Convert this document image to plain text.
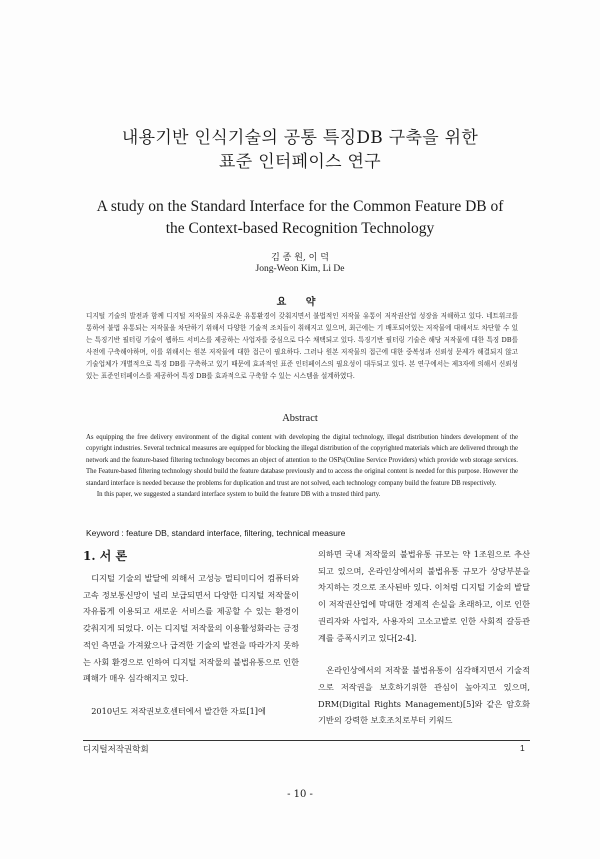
내용기반 인식기술의 공통 특징DB 구축을 위한
표준 인터페이스 연구
A study on the Standard Interface for the Common Feature DB of
the Context-based Recognition Technology
김 종 원, 이 덕
Jong-Weon Kim, Li De
요 약
디지털 기술의 발전과 함께 디지털 저작물의 자유로운 유통환경이 갖춰지면서 불법적인 저작물 유통이 저작권산업 성장을 저해하고 있다. 네트워크를 통하여 불법 유통되는 저작물을 차단하기 위해서 다양한 기술적 조치들이 취해지고 있으며, 최근에는 기 배포되어있는 저작물에 대해서도 차단할 수 있는 특징기반 필터링 기술이 웹하드 서비스를 제공하는 사업자를 중심으로 다수 채택되고 있다. 특징기반 필터링 기술은 해당 저작물에 대한 특징 DB를 사전에 구축해야하며, 이를 위해서는 원본 저작물에 대한 접근이 필요하다. 그러나 원본 저작물의 접근에 대한 중복성과 신뢰성 문제가 해결되지 않고 기술업체가 개별적으로 특징 DB를 구축하고 있기 때문에 효과적인 표준 인터페이스의 필요성이 대두되고 있다. 본 연구에서는 제3자에 의해서 신뢰성 있는 표준인터페이스를 제공하여 특징 DB를 효과적으로 구축할 수 있는 시스템을 설계하였다.
Abstract
As equipping the free delivery environment of the digital content with developing the digital technology, illegal distribution hinders development of the copyright industries. Several technical measures are equipped for blocking the illegal distribution of the copyrighted materials which are delivered through the network and the feature-based filtering technology becomes an object of attention to the OSPs(Online Service Providers) which provide web storage services. The Feature-based filtering technology should build the feature database previously and to access the original content is needed for this purpose. However the standard interface is needed because the problems for duplication and trust are not solved, each technology company build the feature DB respectively.
In this paper, we suggested a standard interface system to build the feature DB with a trusted third party.
Keyword : feature DB, standard interface, filtering, technical measure
1. 서 론

디지털 기술의 발달에 의해서 고성능 멀티미디어 컴퓨터와 고속 정보통신망이 널리 보급되면서 다양한 디지털 저작물이 자유롭게 이용되고 새로운 서비스를 제공할 수 있는 환경이 갖춰지게 되었다. 이는 디지털 저작물의 이용활성화라는 긍정적인 측면을 가져왔으나 급격한 기술의 발전을 따라가지 못하는 사회 환경으로 인하여 디지털 저작물의 불법유통으로 인한 폐해가 매우 심각해지고 있다.

2010년도 저작권보호센터에서 발간한 자료[1]에

의하면 국내 저작물의 불법유통 규모는 약 1조원으로 추산되고 있으며, 온라인상에서의 불법유통 규모가 상당부분을 차지하는 것으로 조사된바 있다. 이처럼 디지털 기술의 발달이 저작권산업에 막대한 경제적 손실을 초래하고, 이로 인한 권리자와 사업자, 사용자의 고소고발로 인한 사회적 갈등관계를 증폭시키고 있다[2-4].

온라인상에서의 저작물 불법유통이 심각해지면서 기술적으로 저작권을 보호하기위한 관심이 높아지고 있으며, DRM(Digital Rights Management)[5]와 같은 암호화기반의 강력한 보호조치로부터 키워드

디지털저작권학회	1
- 10 -
